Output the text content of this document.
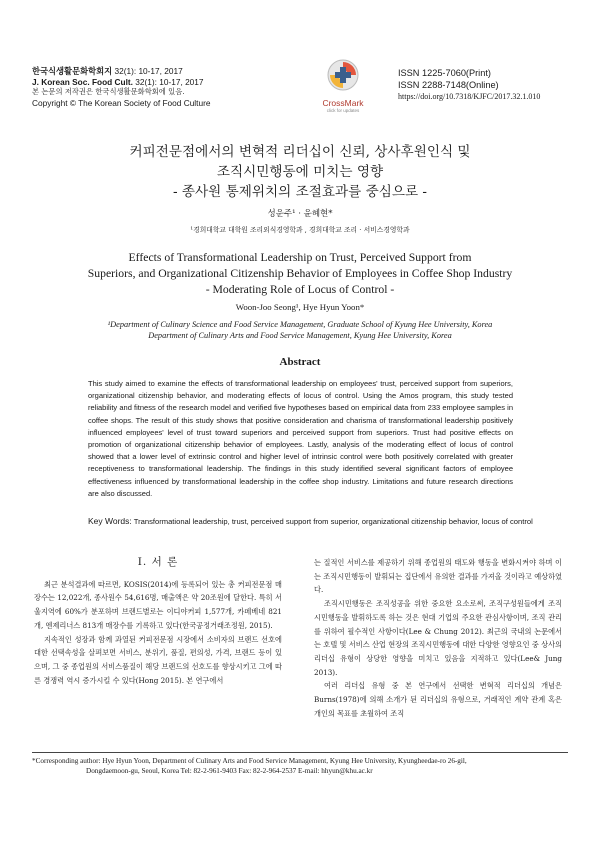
한국식생활문화학회지 32(1): 10-17, 2017
J. Korean Soc. Food Cult. 32(1): 10-17, 2017
본 논문의 저작권은 한국식생활문화학회에 있음.
Copyright © The Korean Society of Food Culture	CrossMark
click for updates
ISSN 1225-7060(Print)
ISSN 2288-7148(Online)
https://doi.org/10.7318/KJFC/2017.32.1.010
커피전문점에서의 변혁적 리더십이 신뢰, 상사후원인식 및
조직시민행동에 미치는 영향
- 종사원 통제위치의 조절효과를 중심으로 -
성운주¹ · 윤혜현*
¹경희대학교 대학원 조리외식경영학과 , 경희대학교 조리 · 서비스경영학과
Effects of Transformational Leadership on Trust, Perceived Support from
Superiors, and Organizational Citizenship Behavior of Employees in Coffee Shop Industry
- Moderating Role of Locus of Control -
Woon-Joo Seong¹, Hye Hyun Yoon*
¹Department of Culinary Science and Food Service Management, Graduate School of Kyung Hee University, Korea
Department of Culinary Arts and Food Service Management, Kyung Hee University, Korea
Abstract
This study aimed to examine the effects of transformational leadership on employees' trust, perceived support from superiors, organizational citizenship behavior, and moderating effects of locus of control. Using the Amos program, this study tested reliability and fitness of the research model and verified five hypotheses based on empirical data from 233 employee samples in coffee shops. The result of this study shows that positive consideration and charisma of transformational leadership positively influenced employees' level of trust toward superiors and perceived support from superiors. Trust had positive effects on promotion of organizational citizenship behavior of employees. Lastly, analysis of the moderating effect of locus of control showed that a lower level of extrinsic control and higher level of intrinsic control were both positively correlated with greater receptiveness to transformational leadership. The findings in this study identified several significant factors of employee effectiveness influenced by transformational leadership in the coffee shop industry. Limitations and future research directions are also discussed.
Key Words: Transformational leadership, trust, perceived support from superior, organizational citizenship behavior, locus of control
I. 서 론

최근 분석결과에 따르면, KOSIS(2014)에 등록되어 있는 총 커피전문점 매장수는 12,022개, 종사원수 54,616명, 매출액은 약 20조원에 달한다. 특히 서울지역에 60%가 분포하며 브랜드별로는 이디야커피 1,577개, 카페베네 821개, 엔제리너스 813개 매장수를 기록하고 있다(한국공정거래조정원, 2015).

지속적인 성장과 함께 과열된 커피전문점 시장에서 소비자의 브랜드 선호에 대한 선택속성을 살펴보면 서비스, 분위기, 품질, 편의성, 가격, 브랜드 등이 있으며, 그 중 종업원의 서비스품질이 해당 브랜드의 선호도를 향상시키고 그에 따른 경쟁력 역시 증가시킬 수 있다(Hong 2015). 본 연구에서

는 질적인 서비스를 제공하기 위해 종업원의 태도와 행동을 변화시켜야 하며 이는 조직시민행동이 발휘되는 집단에서 유의한 결과를 가져올 것이라고 예상하였다.

조직시민행동은 조직성공을 위한 중요한 요소로써, 조직구성원들에게 조직시민행동을 발휘하도록 하는 것은 현대 기업의 주요한 관심사항이며, 조직 관리를 위하여 필수적인 사항이다(Lee & Chung 2012). 최근의 국내의 논문에서는 호텔 및 서비스 산업 현장의 조직시민행동에 대한 다양한 영향요인 중 상사의 리더십 유형이 상당한 영향을 미치고 있음을 지적하고 있다(Lee& Jung 2013).

여러 리더십 유형 중 본 연구에서 선택한 변혁적 리더십의 개념은 Burns(1978)에 의해 소개가 된 리더십의 유형으로, 거래적인 계약 관계 혹은 개인의 목표를 초월하여 조직

*Corresponding author: Hye Hyun Yoon, Department of Culinary Arts and Food Service Management, Kyung Hee University, Kyungheedae-ro 26-gil,
Dongdaemoon-gu, Seoul, Korea Tel: 82-2-961-9403 Fax: 82-2-964-2537 E-mail: hhyun@khu.ac.kr
